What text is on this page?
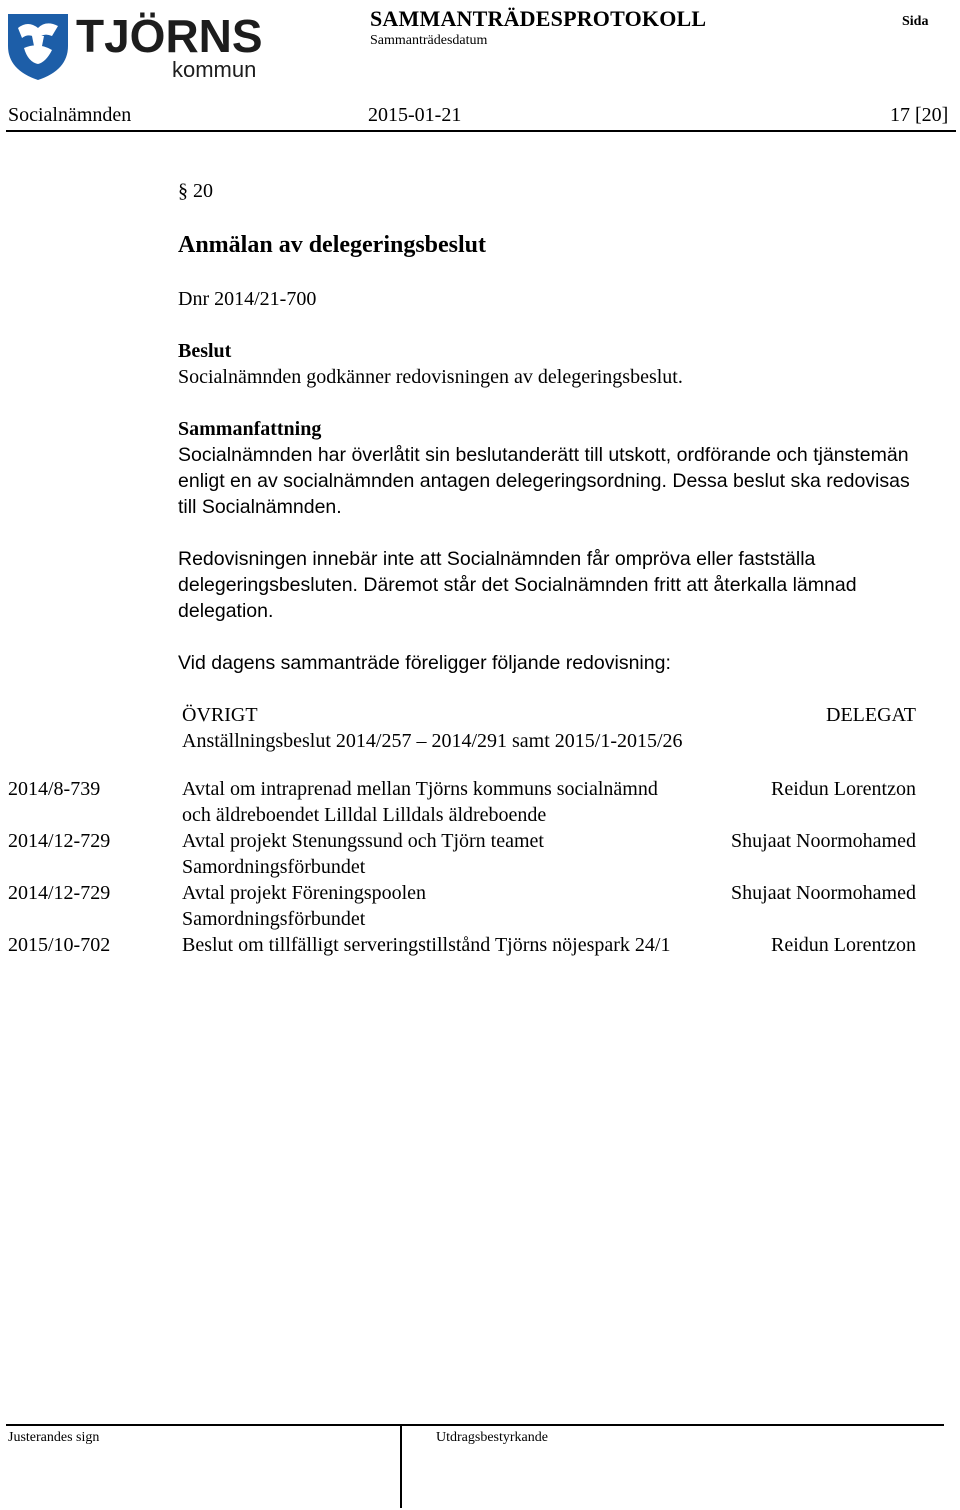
TJÖRNS
kommun
SAMMANTRÄDESPROTOKOLL
Sammanträdesdatum
Sida
Socialnämnden	2015-01-21	17 [20]
§ 20
Anmälan av delegeringsbeslut
Dnr 2014/21-700
Beslut
Socialnämnden godkänner redovisningen av delegeringsbeslut.
Sammanfattning
Socialnämnden har överlåtit sin beslutanderätt till utskott, ordförande och tjänstemän
enligt en av socialnämnden antagen delegeringsordning. Dessa beslut ska redovisas
till Socialnämnden.
Redovisningen innebär inte att Socialnämnden får ompröva eller fastställa
delegeringsbesluten. Däremot står det Socialnämnden fritt att återkalla lämnad
delegation.
Vid dagens sammanträde föreligger följande redovisning:
ÖVRIGT	DELEGAT
Anställningsbeslut 2014/257 – 2014/291 samt 2015/1-2015/26
2014/8-739	Avtal om intraprenad mellan Tjörns kommuns socialnämnd	Reidun Lorentzon
och äldreboendet Lilldal Lilldals äldreboende
2014/12-729	Avtal projekt Stenungssund och Tjörn teamet	Shujaat Noormohamed
Samordningsförbundet
2014/12-729	Avtal projekt Föreningspoolen	Shujaat Noormohamed
Samordningsförbundet
2015/10-702	Beslut om tillfälligt serveringstillstånd Tjörns nöjespark 24/1	Reidun Lorentzon
Justerandes sign	Utdragsbestyrkande
